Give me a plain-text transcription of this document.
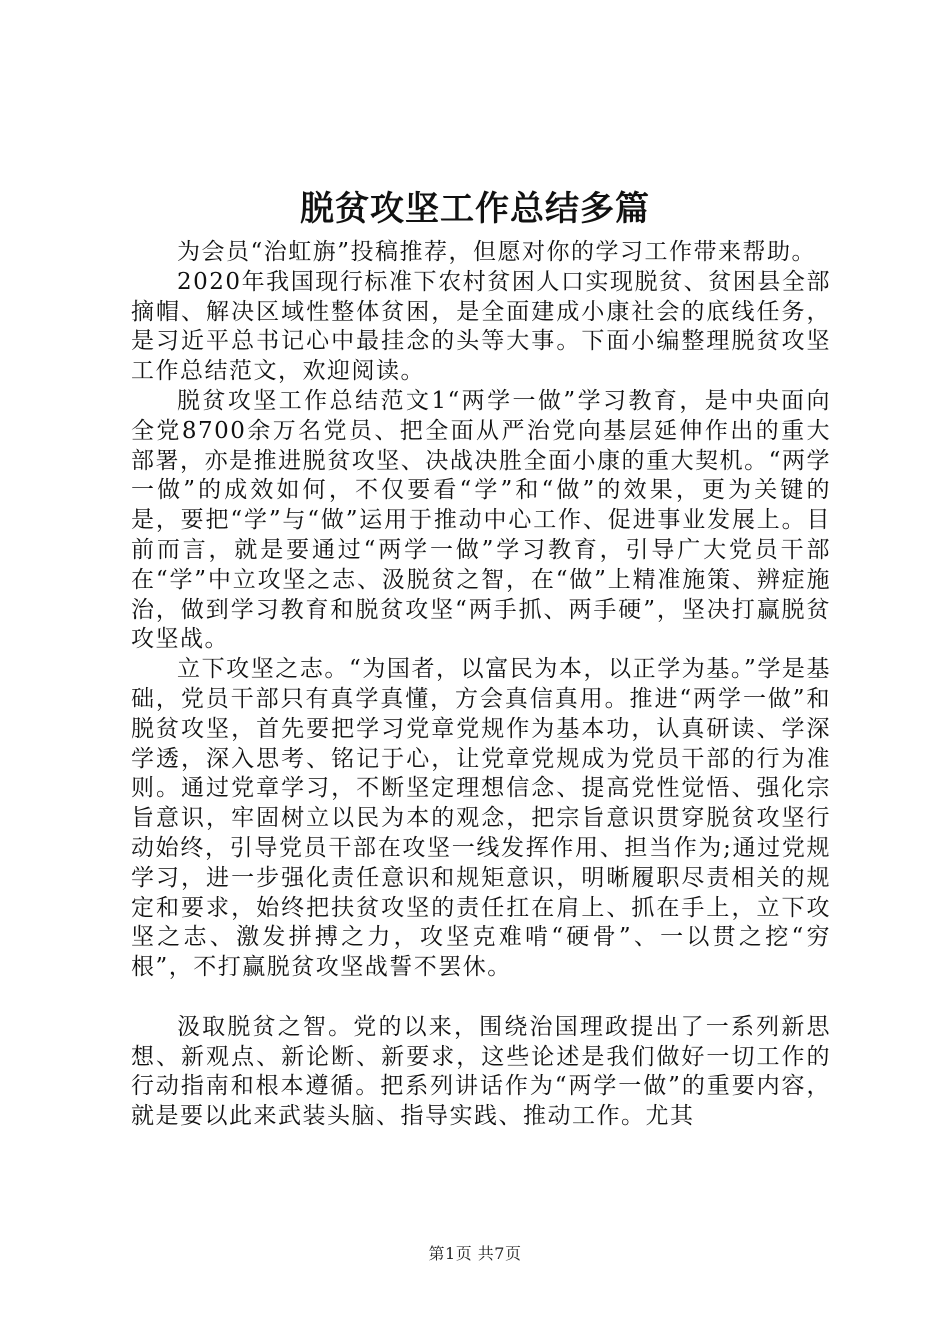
脱贫攻坚工作总结多篇

为会员“治虹旃”投稿推荐，但愿对你的学习工作带来帮助。

2020年我国现行标准下农村贫困人口实现脱贫、贫困县全部摘帽、解决区域性整体贫困，是全面建成小康社会的底线任务，是习近平总书记心中最挂念的头等大事。下面小编整理脱贫攻坚工作总结范文，欢迎阅读。

脱贫攻坚工作总结范文1“两学一做”学习教育，是中央面向全党8700余万名党员、把全面从严治党向基层延伸作出的重大部署，亦是推进脱贫攻坚、决战决胜全面小康的重大契机。“两学一做”的成效如何，不仅要看“学”和“做”的效果，更为关键的是，要把“学”与“做”运用于推动中心工作、促进事业发展上。目前而言，就是要通过“两学一做”学习教育，引导广大党员干部在“学”中立攻坚之志、汲脱贫之智，在“做”上精准施策、辨症施治，做到学习教育和脱贫攻坚“两手抓、两手硬”，坚决打赢脱贫攻坚战。

立下攻坚之志。“为国者，以富民为本，以正学为基。”学是基础，党员干部只有真学真懂，方会真信真用。推进“两学一做”和脱贫攻坚，首先要把学习党章党规作为基本功，认真研读、学深学透，深入思考、铭记于心，让党章党规成为党员干部的行为准则。通过党章学习，不断坚定理想信念、提高党性觉悟、强化宗旨意识，牢固树立以民为本的观念，把宗旨意识贯穿脱贫攻坚行动始终，引导党员干部在攻坚一线发挥作用、担当作为;通过党规学习，进一步强化责任意识和规矩意识，明晰履职尽责相关的规定和要求，始终把扶贫攻坚的责任扛在肩上、抓在手上，立下攻坚之志、激发拼搏之力，攻坚克难啃“硬骨”、一以贯之挖“穷根”，不打赢脱贫攻坚战誓不罢休。

汲取脱贫之智。党的以来，围绕治国理政提出了一系列新思想、新观点、新论断、新要求，这些论述是我们做好一切工作的行动指南和根本遵循。把系列讲话作为“两学一做”的重要内容，就是要以此来武装头脑、指导实践、推动工作。尤其

第1页 共7页
